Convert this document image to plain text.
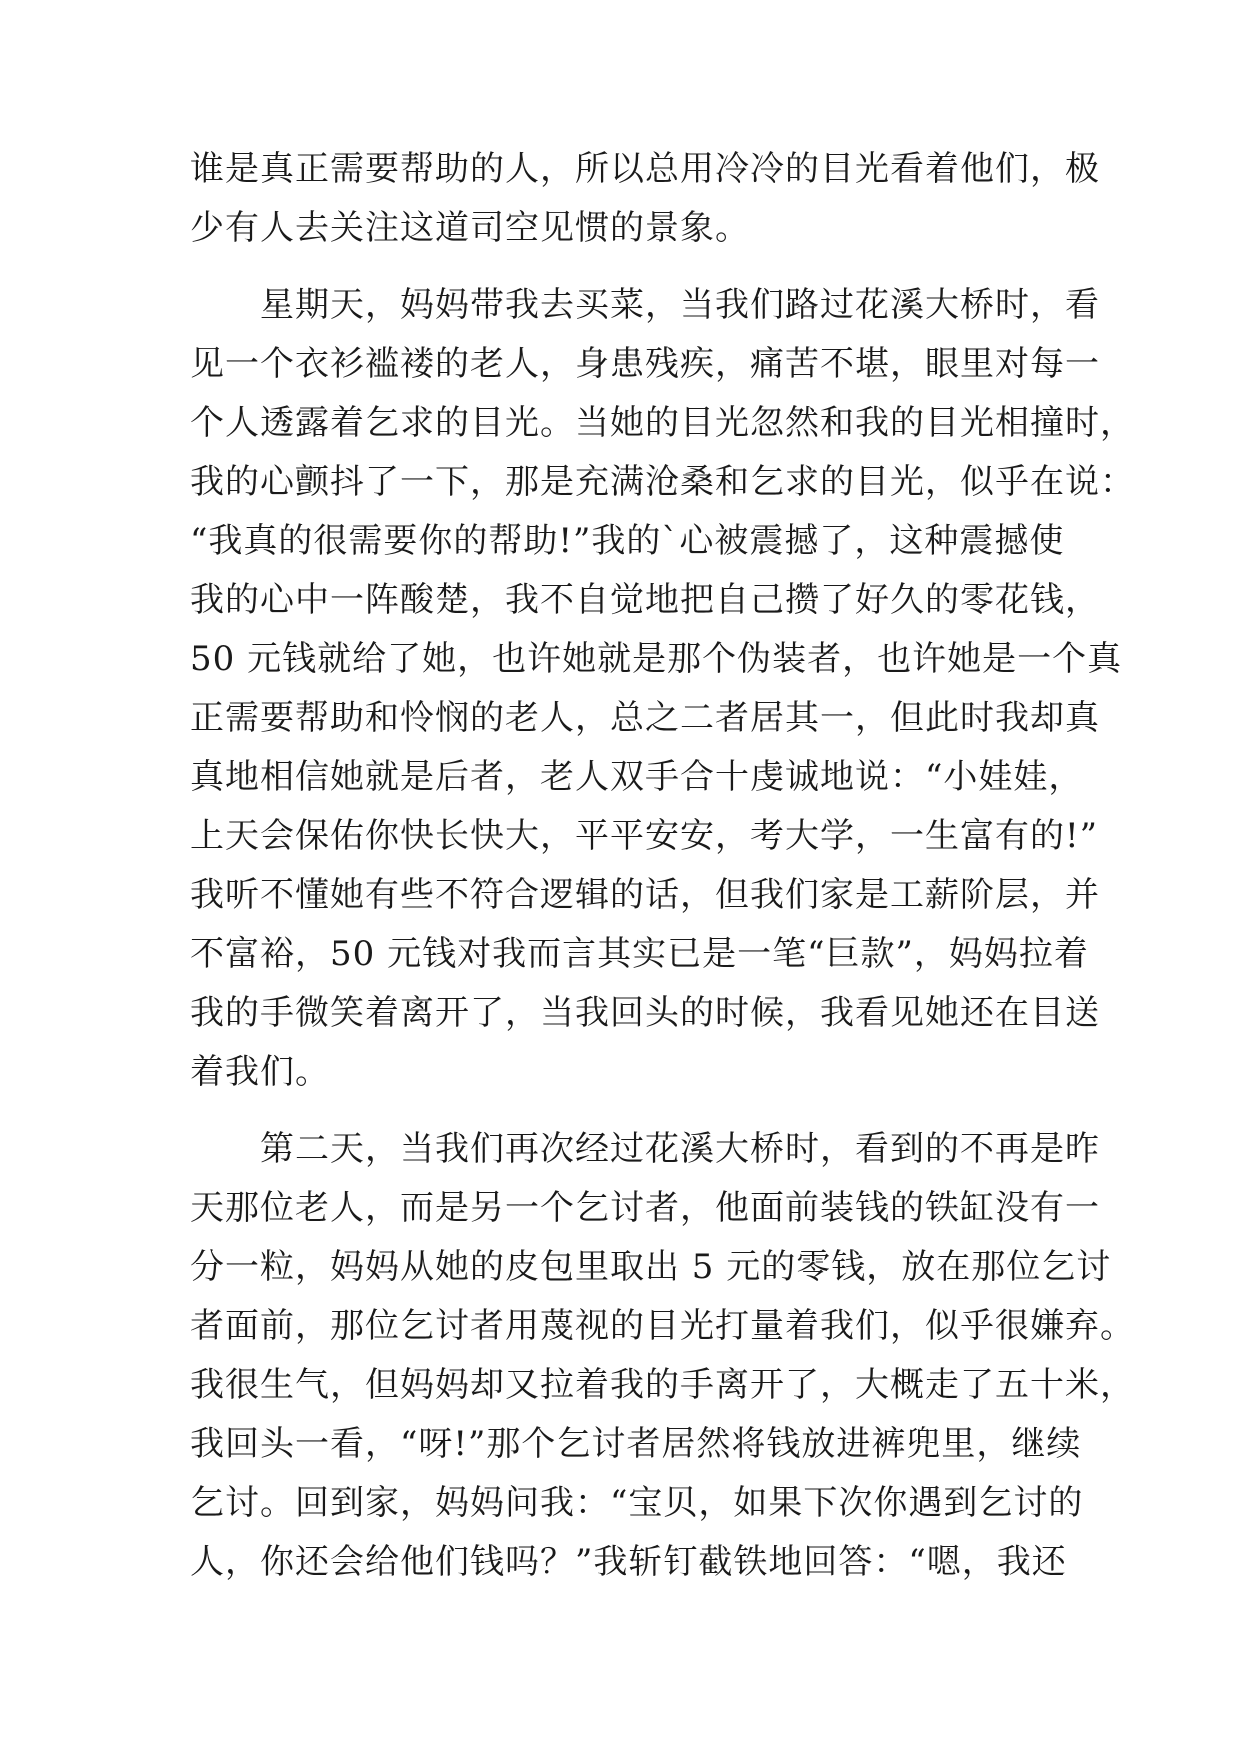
谁是真正需要帮助的人，所以总用冷冷的目光看着他们，极
少有人去关注这道司空见惯的景象。
星期天，妈妈带我去买菜，当我们路过花溪大桥时，看
见一个衣衫褴褛的老人，身患残疾，痛苦不堪，眼里对每一
个人透露着乞求的目光。当她的目光忽然和我的目光相撞时，
我的心颤抖了一下，那是充满沧桑和乞求的目光，似乎在说：
“我真的很需要你的帮助!”我的`心被震撼了，这种震撼使
我的心中一阵酸楚，我不自觉地把自己攒了好久的零花钱，
50 元钱就给了她，也许她就是那个伪装者，也许她是一个真
正需要帮助和怜悯的老人，总之二者居其一，但此时我却真
真地相信她就是后者，老人双手合十虔诚地说：“小娃娃，
上天会保佑你快长快大，平平安安，考大学，一生富有的!”
我听不懂她有些不符合逻辑的话，但我们家是工薪阶层，并
不富裕，50 元钱对我而言其实已是一笔“巨款”，妈妈拉着
我的手微笑着离开了，当我回头的时候，我看见她还在目送
着我们。
第二天，当我们再次经过花溪大桥时，看到的不再是昨
天那位老人，而是另一个乞讨者，他面前装钱的铁缸没有一
分一粒，妈妈从她的皮包里取出 5 元的零钱，放在那位乞讨
者面前，那位乞讨者用蔑视的目光打量着我们，似乎很嫌弃。
我很生气，但妈妈却又拉着我的手离开了，大概走了五十米，
我回头一看，“呀!”那个乞讨者居然将钱放进裤兜里，继续
乞讨。回到家，妈妈问我：“宝贝，如果下次你遇到乞讨的
人，你还会给他们钱吗？”我斩钉截铁地回答：“嗯，我还
